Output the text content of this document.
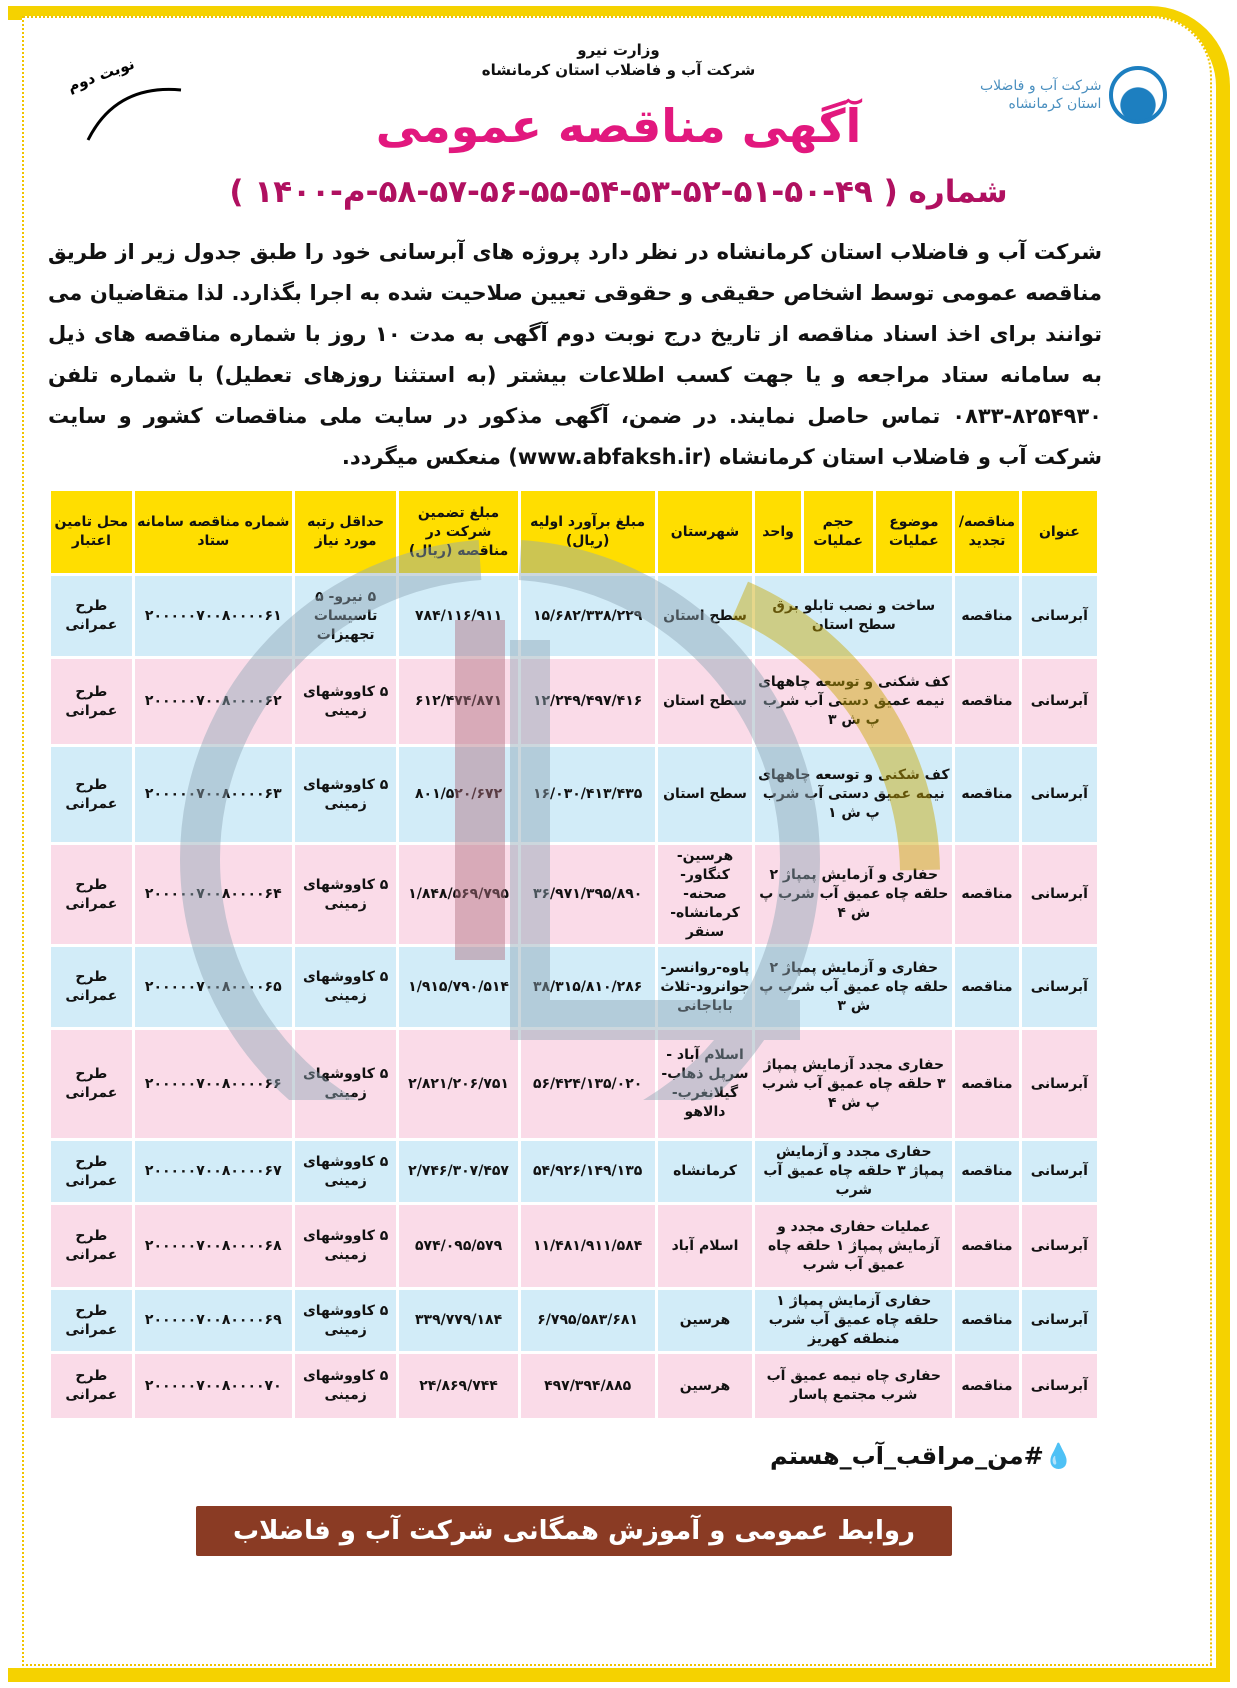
وزارت نیرو
شرکت آب و فاضلاب استان کرمانشاه
نوبت دوم	شرکت آب و فاضلاب
استان کرمانشاه
آگهی مناقصه عمومی
شماره ( ۴۹-۵۰-۵۱-۵۲-۵۳-۵۴-۵۵-۵۶-۵۷-۵۸-م-۱۴۰۰ )
شرکت آب و فاضلاب استان کرمانشاه در نظر دارد پروژه های آبرسانی خود را طبق جدول زیر از طریق مناقصه عمومی توسط اشخاص حقیقی و حقوقی تعیین صلاحیت شده به اجرا بگذارد. لذا متقاضیان می توانند برای اخذ اسناد مناقصه از تاریخ درج نوبت دوم آگهی به مدت ۱۰ روز با شماره مناقصه های ذیل به سامانه ستاد مراجعه و یا جهت کسب اطلاعات بیشتر (به استثنا روزهای تعطیل) با شماره تلفن ۸۲۵۴۹۳۰-۰۸۳۳ تماس حاصل نمایند. در ضمن، آگهی مذکور در سایت ملی مناقصات کشور و سایت شرکت آب و فاضلاب استان کرمانشاه (www.abfaksh.ir) منعکس میگردد.
عنوان	مناقصه/ تجدید	موضوع عملیات	حجم عملیات	واحد	شهرستان	مبلغ برآورد اولیه (ریال)	مبلغ تضمین شرکت در مناقصه (ریال)	حداقل رتبه مورد نیاز	شماره مناقصه سامانه ستاد	محل تامین اعتبار
آبرسانی	مناقصه	ساخت و نصب تابلو برق سطح استان			سطح استان	۱۵/۶۸۲/۳۳۸/۲۲۹	۷۸۴/۱۱۶/۹۱۱	۵ نیرو- ۵ تاسیسات تجهیزات	۲۰۰۰۰۰۷۰۰۸۰۰۰۰۶۱	طرح عمرانی
آبرسانی	مناقصه	کف شکنی و توسعه چاههای نیمه عمیق دستی آب شرب پ ش ۳			سطح استان	۱۲/۲۴۹/۴۹۷/۴۱۶	۶۱۲/۴۷۴/۸۷۱	۵ کاووشهای زمینی	۲۰۰۰۰۰۷۰۰۸۰۰۰۰۶۲	طرح عمرانی
آبرسانی	مناقصه	کف شکنی و توسعه چاههای نیمه عمیق دستی آب شرب پ ش ۱			سطح استان	۱۶/۰۳۰/۴۱۳/۴۳۵	۸۰۱/۵۲۰/۶۷۲	۵ کاووشهای زمینی	۲۰۰۰۰۰۷۰۰۸۰۰۰۰۶۳	طرح عمرانی
آبرسانی	مناقصه	حفاری و آزمایش پمپاژ ۲ حلقه چاه عمیق آب شرب پ ش ۴			هرسین- کنگاور-صحنه- کرمانشاه-سنقر	۳۶/۹۷۱/۳۹۵/۸۹۰	۱/۸۴۸/۵۶۹/۷۹۵	۵ کاووشهای زمینی	۲۰۰۰۰۰۷۰۰۸۰۰۰۰۶۴	طرح عمرانی
آبرسانی	مناقصه	حفاری و آزمایش پمپاژ ۲ حلقه چاه عمیق آب شرب پ ش ۳			پاوه-روانسر- جوانرود-ثلاث باباجانی	۳۸/۳۱۵/۸۱۰/۲۸۶	۱/۹۱۵/۷۹۰/۵۱۴	۵ کاووشهای زمینی	۲۰۰۰۰۰۷۰۰۸۰۰۰۰۶۵	طرح عمرانی
آبرسانی	مناقصه	حفاری مجدد آزمایش پمپاژ ۳ حلقه چاه عمیق آب شرب پ ش ۴			اسلام آباد - سرپل ذهاب- گیلانغرب- دالاهو	۵۶/۴۲۴/۱۳۵/۰۲۰	۲/۸۲۱/۲۰۶/۷۵۱	۵ کاووشهای زمینی	۲۰۰۰۰۰۷۰۰۸۰۰۰۰۶۶	طرح عمرانی
آبرسانی	مناقصه	حفاری مجدد و آزمایش پمپاژ ۳ حلقه چاه عمیق آب شرب			کرمانشاه	۵۴/۹۲۶/۱۴۹/۱۳۵	۲/۷۴۶/۳۰۷/۴۵۷	۵ کاووشهای زمینی	۲۰۰۰۰۰۷۰۰۸۰۰۰۰۶۷	طرح عمرانی
آبرسانی	مناقصه	عملیات حفاری مجدد و آزمایش پمپاژ ۱ حلقه چاه عمیق آب شرب			اسلام آباد	۱۱/۴۸۱/۹۱۱/۵۸۴	۵۷۴/۰۹۵/۵۷۹	۵ کاووشهای زمینی	۲۰۰۰۰۰۷۰۰۸۰۰۰۰۶۸	طرح عمرانی
آبرسانی	مناقصه	حفاری آزمایش پمپاژ ۱ حلقه چاه عمیق آب شرب منطقه کهریز			هرسین	۶/۷۹۵/۵۸۳/۶۸۱	۳۳۹/۷۷۹/۱۸۴	۵ کاووشهای زمینی	۲۰۰۰۰۰۷۰۰۸۰۰۰۰۶۹	طرح عمرانی
آبرسانی	مناقصه	حفاری چاه نیمه عمیق آب شرب مجتمع پاسار			هرسین	۴۹۷/۳۹۴/۸۸۵	۲۴/۸۶۹/۷۴۴	۵ کاووشهای زمینی	۲۰۰۰۰۰۷۰۰۸۰۰۰۰۷۰	طرح عمرانی
💧#من_مراقب_آب_هستم
روابط عمومی و آموزش همگانی شرکت آب و فاضلاب استان کرمانشاه
